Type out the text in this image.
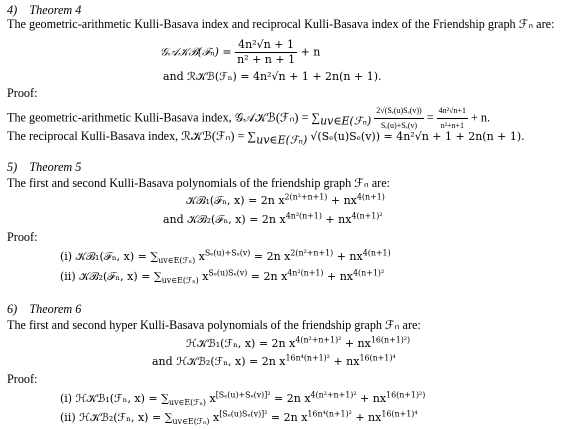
4) Theorem 4
The geometric-arithmetic Kulli-Basava index and reciprocal Kulli-Basava index of the Friendship graph ℱₙ are:
𝒢𝒜𝒦ℬ(ℱₙ) = $\frac{\text{4n²√n + 1}}{\text{n² + n + 1}} + n$
and ℛ𝒦ℬ(ℱₙ) = 4n²√n + 1 + 2n(n + 1).
Proof:
The geometric-arithmetic Kulli-Basava index, 𝒢𝒜𝒦ℬ(ℱₙ) = $\sum_{uv\in E(ℱ_n)} \frac{\text{2√(Sₑ(u)Sₑ(v))}}{\text{Sₑ(u)+Sₑ(v)}} = \frac{\text{4n²√n+1}}{\text{n²+n+1}} + n$.
The reciprocal Kulli-Basava index, ℛ𝒦ℬ(ℱₙ) = $\sum_{uv\in E(ℱ_n)}$ √(Sₑ(u)Sₑ(v)) = 4n²√n + 1 + 2n(n + 1).
5) Theorem 5
The first and second Kulli-Basava polynomials of the friendship graph ℱₙ are:
𝒦ℬ₁(ℱₙ, x) = 2n $x^{2(n^2+n+1)} + nx^{4(n+1)}$
and 𝒦ℬ₂(ℱₙ, x) = 2n $x^{4n^2(n+1)} + nx^{4(n+1)^2}$
Proof:
(i) 𝒦ℬ₁(ℱₙ, $x) = \sum_{uv\in E(ℱ_n)}$ $x^{S_e(u)+S_e(v)} = 2n$ $x^{2(n^2+n+1)} + nx^{4(n+1)}$
(ii) 𝒦ℬ₂(ℱₙ, $x) = \sum_{uv\in E(ℱ_n)}$ $x^{S_e(u)S_e(v)} = 2n$ $x^{4n^2(n+1)} + nx^{4(n+1)^2}$
6) Theorem 6
The first and second hyper Kulli-Basava polynomials of the friendship graph ℱₙ are:
ℋ𝒦ℬ₁(ℱₙ, x) = 2n $x^{4(n^2+n+1)^2} + nx^{16(n+1)^2)}$
and ℋ𝒦ℬ₂(ℱₙ, x) = 2n $x^{16n^4(n+1)^2} + nx^{16(n+1)^4}$
Proof:
(i) ℋ𝒦ℬ₁(ℱₙ, $x) = \sum_{uv\in E(ℱ_n)}$ $x^{[S_e(u)+S_e(v)]^2} = 2n$ $x^{4(n^2+n+1)^2} + nx^{16(n+1)^2)}$
(ii) ℋ𝒦ℬ₂(ℱₙ, $x) = \sum_{uv\in E(ℱ_n)}$ $x^{[S_e(u)S_e(v)]^2} = 2n$ $x^{16n^4(n+1)^2} + nx^{16(n+1)^4}$
